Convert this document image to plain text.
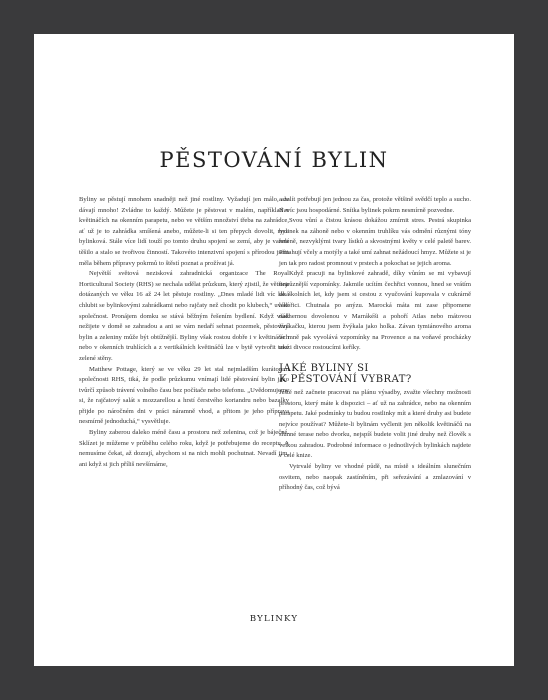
PĚSTOVÁNÍ BYLIN

Byliny se pěstují mnohem snadněji než jiné rostliny. Vyžadují jen málo, ale dávají mnoho! Zvládne to každý. Můžete je pěstovat v malém, například v květináčích na okenním parapetu, nebo ve větším množství třeba na zahrádce, ať už je to zahrádka smíšená anebo, můžete-li si ten přepych dovolit, ryze bylinková. Stále více lidí touží po tomto druhu spojení se zemí, aby je vaření těšilo a stalo se tvořivou činností. Takovéto intenzivní spojení s přírodou jsem měla během přípravy pokrmů to štěstí poznat a prožívat já.

Největší světová nezisková zahradnická organizace The Royal Horticultural Society (RHS) se nechala udělat průzkum, který zjistil, že většina dotázaných ve věku 16 až 24 let pěstuje rostliny. „Dnes mladé lidi víc láká chlubit se bylinkovými zahrádkami nebo rajčaty než chodit po klubech,“ uvádí společnost. Pronájem domku se stává běžným řešením bydlení. Když však nežijete v domě se zahradou a ani se vám nedaří sehnat pozemek, pěstování bylin a zeleniny může být obtížnější. Byliny však rostou dobře i v květináčích nebo v okenních truhlících a z vertikálních květináčů lze v bytě vytvořit také zelené stěny.

Matthew Pottage, který se ve věku 29 let stal nejmladším kurátorem společnosti RHS, tiká, že podle průzkumu vnímají lidé pěstování bylin jako tvůrčí způsob trávení volného času bez počítače nebo telefonu. „Uvědomujeme si, že rajčatový salát s mozzarellou a hrstí čerstvého koriandru nebo bazalky přijde po náročném dni v práci náramně vhod, a přitom je jeho příprava nesmírně jednoduchá,“ vysvětluje.

Byliny zaberou daleko méně času a prostoru než zelenina, což je báječné. Sklízet je můžeme v průběhu celého roku, když je potřebujeme do receptu. A nemusíme čekat, až dozrají, abychom si na nich mohli pochutnat. Nevadí jim, ani když si jich příliš nevšímáme,

a zalít potřebují jen jednou za čas, protože většině svědčí teplo a sucho. Navíc jsou hospodárné. Snítka bylinek pokrm nesmírně pozvedne.

Svou vůní a čistou krásou dokážou zmírnit stres. Pestrá skupinka bylinek na záhoně nebo v okenním truhlíku vás odmění různými tóny zeleně, nezvyklými tvary lístků a skvostnými květy v celé paletě barev. Přitahují včely a motýly a také umí zahnat nežádoucí hmyz. Můžete si je jen tak pro radost promnout v prstech a pokochat se jejich aroma.

Když pracuji na bylinkové zahradě, díky vůním se mi vybavují nejrůznější vzpomínky. Jakmile ucítím čechřici vonnou, hned se vrátím do školních let, kdy jsem si cestou z vyučování kupovala v cukrárně lékořici. Chutnala po anýzu. Marocká máta mi zase připomene nádhernou dovolenou v Marrákéši a pohoří Atlas nebo mátovou žvýkačku, kterou jsem žvýkala jako holka. Závan tymiánového aroma ve mně pak vyvolává vzpomínky na Provence a na voňavé procházky mezi divoce rostoucími keříky.

JAKÉ BYLINY SI
K PĚSTOVÁNÍ VYBRAT?

Ještě než začnete pracovat na plánu výsadby, zvažte všechny možnosti prostoru, který máte k dispozici – ať už na zahrádce, nebo na okenním parapetu. Jaké podmínky tu budou rostlinky mít a které druhy asi budete nejvíce používat? Můžete-li bylinám vyčlenit jen několik květináčů na slunné terase nebo dvorku, nejspíš budete volit jiné druhy než člověk s velkou zahradou. Podrobné informace o jednotlivých bylinkách najdete v celé knize.

Vytrvalé byliny ve vhodné půdě, na místě s ideálním slunečním osvitem, nebo naopak zastíněním, při seřezávání a zmlazování v příhodný čas, což bývá

BYLINKY
